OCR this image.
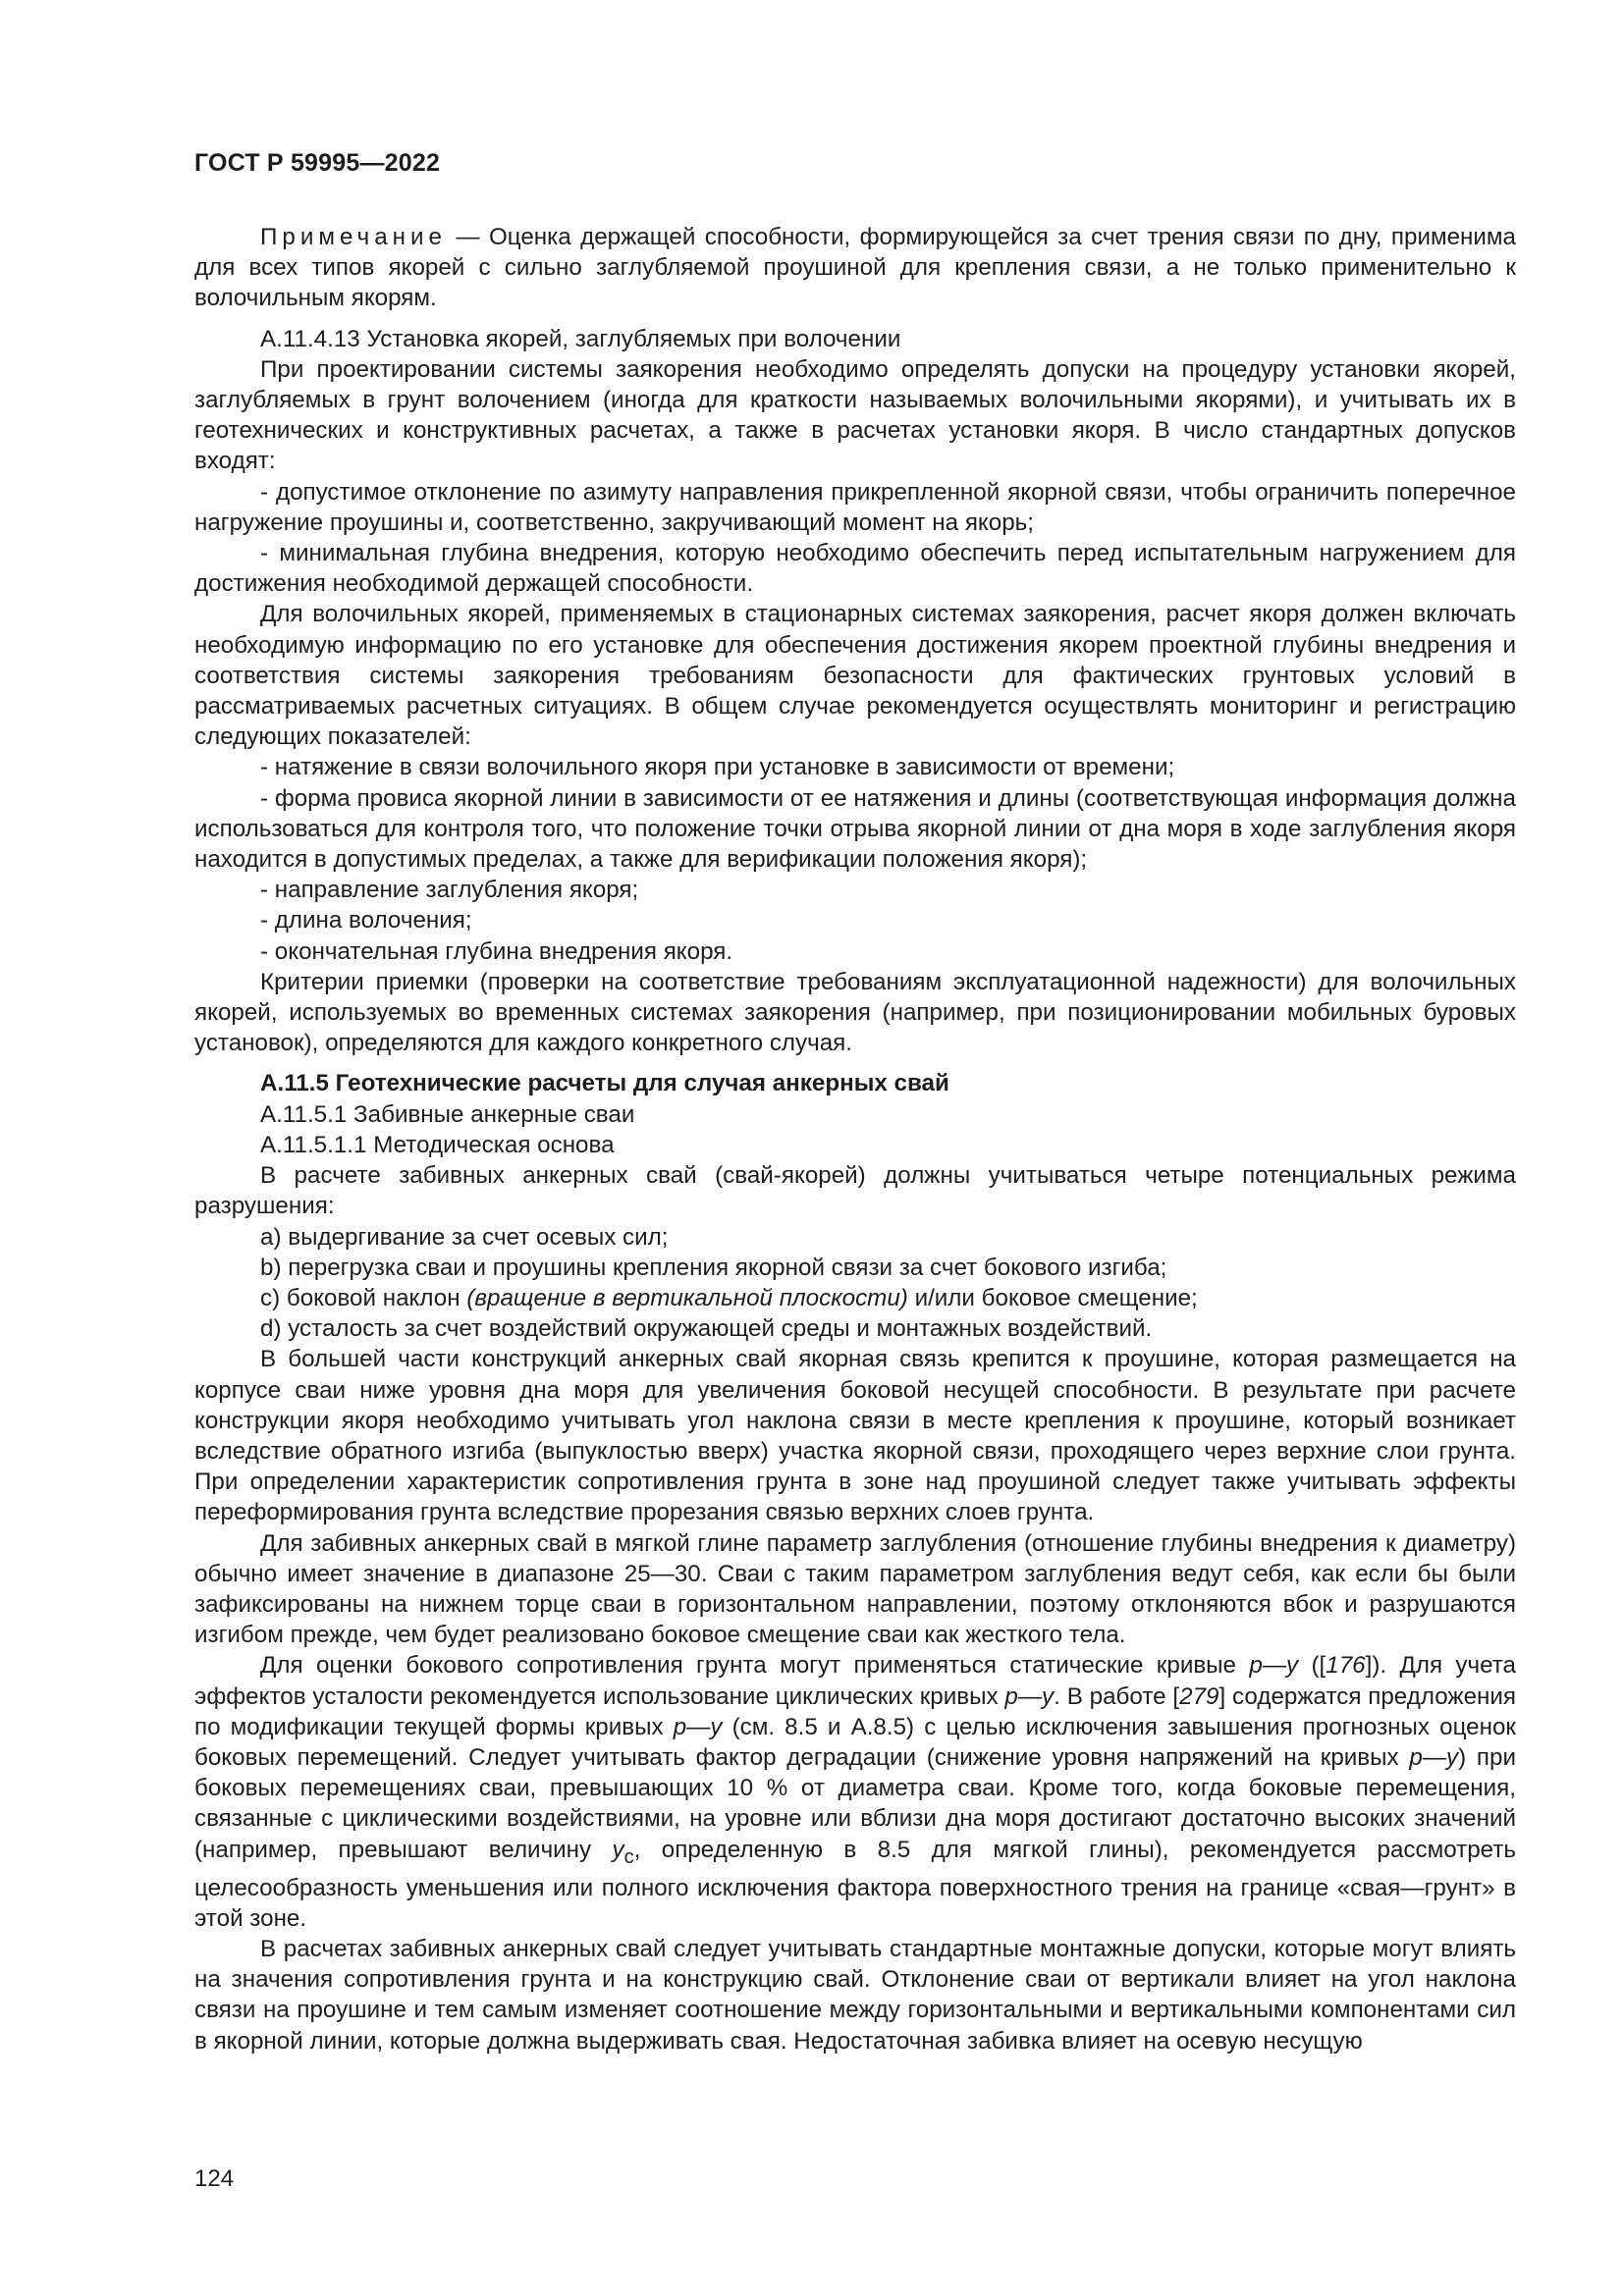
ГОСТ Р 59995—2022

Примечание — Оценка держащей способности, формирующейся за счет трения связи по дну, применима для всех типов якорей с сильно заглубляемой проушиной для крепления связи, а не только применительно к волочильным якорям.

А.11.4.13 Установка якорей, заглубляемых при волочении

При проектировании системы заякорения необходимо определять допуски на процедуру установки якорей, заглубляемых в грунт волочением (иногда для краткости называемых волочильными якорями), и учитывать их в геотехнических и конструктивных расчетах, а также в расчетах установки якоря. В число стандартных допусков входят:

- допустимое отклонение по азимуту направления прикрепленной якорной связи, чтобы ограничить поперечное нагружение проушины и, соответственно, закручивающий момент на якорь;

- минимальная глубина внедрения, которую необходимо обеспечить перед испытательным нагружением для достижения необходимой держащей способности.

Для волочильных якорей, применяемых в стационарных системах заякорения, расчет якоря должен включать необходимую информацию по его установке для обеспечения достижения якорем проектной глубины внедрения и соответствия системы заякорения требованиям безопасности для фактических грунтовых условий в рассматриваемых расчетных ситуациях. В общем случае рекомендуется осуществлять мониторинг и регистрацию следующих показателей:

- натяжение в связи волочильного якоря при установке в зависимости от времени;

- форма провиса якорной линии в зависимости от ее натяжения и длины (соответствующая информация должна использоваться для контроля того, что положение точки отрыва якорной линии от дна моря в ходе заглубления якоря находится в допустимых пределах, а также для верификации положения якоря);

- направление заглубления якоря;

- длина волочения;

- окончательная глубина внедрения якоря.

Критерии приемки (проверки на соответствие требованиям эксплуатационной надежности) для волочильных якорей, используемых во временных системах заякорения (например, при позиционировании мобильных буровых установок), определяются для каждого конкретного случая.

А.11.5 Геотехнические расчеты для случая анкерных свай

А.11.5.1 Забивные анкерные сваи

А.11.5.1.1 Методическая основа

В расчете забивных анкерных свай (свай-якорей) должны учитываться четыре потенциальных режима разрушения:

а) выдергивание за счет осевых сил;

b) перегрузка сваи и проушины крепления якорной связи за счет бокового изгиба;

c) боковой наклон (вращение в вертикальной плоскости) и/или боковое смещение;

d) усталость за счет воздействий окружающей среды и монтажных воздействий.

В большей части конструкций анкерных свай якорная связь крепится к проушине, которая размещается на корпусе сваи ниже уровня дна моря для увеличения боковой несущей способности. В результате при расчете конструкции якоря необходимо учитывать угол наклона связи в месте крепления к проушине, который возникает вследствие обратного изгиба (выпуклостью вверх) участка якорной связи, проходящего через верхние слои грунта. При определении характеристик сопротивления грунта в зоне над проушиной следует также учитывать эффекты переформирования грунта вследствие прорезания связью верхних слоев грунта.

Для забивных анкерных свай в мягкой глине параметр заглубления (отношение глубины внедрения к диаметру) обычно имеет значение в диапазоне 25—30. Сваи с таким параметром заглубления ведут себя, как если бы были зафиксированы на нижнем торце сваи в горизонтальном направлении, поэтому отклоняются вбок и разрушаются изгибом прежде, чем будет реализовано боковое смещение сваи как жесткого тела.

Для оценки бокового сопротивления грунта могут применяться статические кривые p—y ([176]). Для учета эффектов усталости рекомендуется использование циклических кривых p—y. В работе [279] содержатся предложения по модификации текущей формы кривых p—y (см. 8.5 и А.8.5) с целью исключения завышения прогнозных оценок боковых перемещений. Следует учитывать фактор деградации (снижение уровня напряжений на кривых p—y) при боковых перемещениях сваи, превышающих 10 % от диаметра сваи. Кроме того, когда боковые перемещения, связанные с циклическими воздействиями, на уровне или вблизи дна моря достигают достаточно высоких значений (например, превышают величину $y_c$, определенную в 8.5 для мягкой глины), рекомендуется рассмотреть целесообразность уменьшения или полного исключения фактора поверхностного трения на границе «свая—грунт» в этой зоне.

В расчетах забивных анкерных свай следует учитывать стандартные монтажные допуски, которые могут влиять на значения сопротивления грунта и на конструкцию свай. Отклонение сваи от вертикали влияет на угол наклона связи на проушине и тем самым изменяет соотношение между горизонтальными и вертикальными компонентами сил в якорной линии, которые должна выдерживать свая. Недостаточная забивка влияет на осевую несущую

124
